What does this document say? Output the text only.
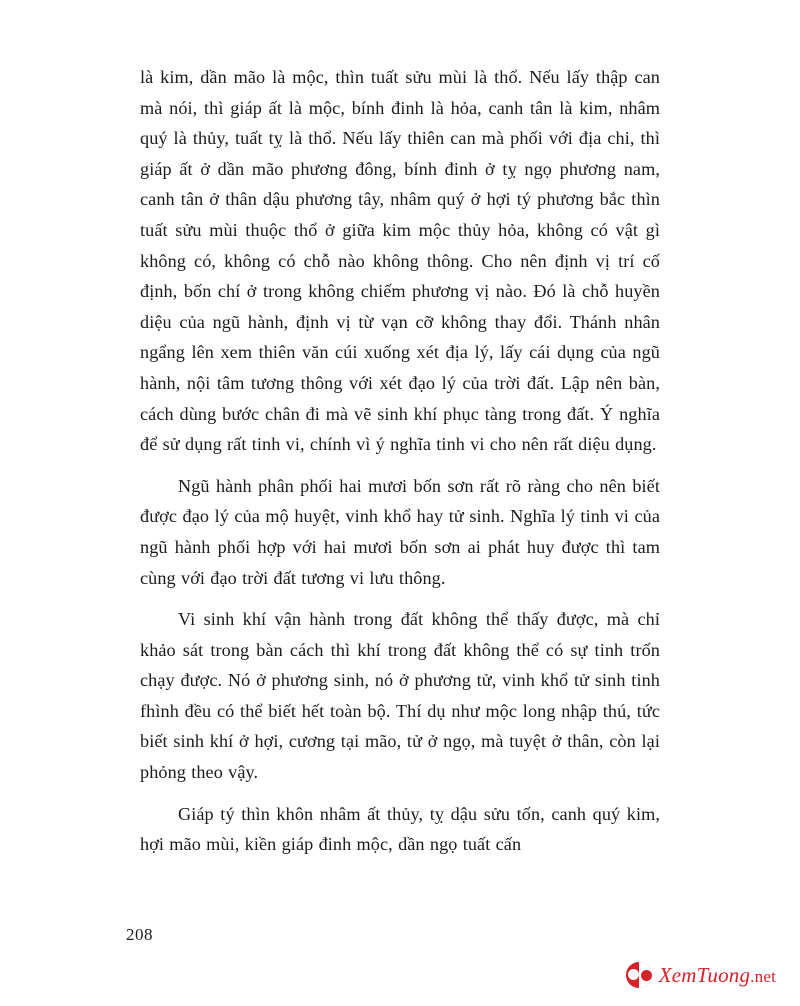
là kim, dần mão là mộc, thìn tuất sửu mùi là thổ. Nếu lấy thập can mà nói, thì giáp ất là mộc, bính đinh là hỏa, canh tân là kim, nhâm quý là thủy, tuất tỵ là thổ. Nếu lấy thiên can mà phối với địa chi, thì giáp ất ở dần mão phương đông, bính đinh ở tỵ ngọ phương nam, canh tân ở thân dậu phương tây, nhâm quý ở hợi tý phương bắc thìn tuất sửu mùi thuộc thổ ở giữa kim mộc thủy hỏa, không có vật gì không có, không có chỗ nào không thông. Cho nên định vị trí cố định, bốn chí ở trong không chiếm phương vị nào. Đó là chỗ huyền diệu của ngũ hành, định vị từ vạn cỡ không thay đổi. Thánh nhân ngẩng lên xem thiên văn cúi xuống xét địa lý, lấy cái dụng của ngũ hành, nội tâm tương thông với xét đạo lý của trời đất. Lập nên bàn, cách dùng bước chân đi mà vẽ sinh khí phục tàng trong đất. Ý nghĩa để sử dụng rất tinh vi, chính vì ý nghĩa tinh vi cho nên rất diệu dụng.

Ngũ hành phân phối hai mươi bốn sơn rất rõ ràng cho nên biết được đạo lý của mộ huyệt, vinh khổ hay tử sinh. Nghĩa lý tinh vi của ngũ hành phối hợp với hai mươi bốn sơn ai phát huy được thì tam cùng với đạo trời đất tương vi lưu thông.

Vi sinh khí vận hành trong đất không thể thấy được, mà chỉ khảo sát trong bàn cách thì khí trong đất không thể có sự tinh trốn chạy được. Nó ở phương sinh, nó ở phương tử, vinh khổ tử sinh tinh fhình đều có thể biết hết toàn bộ. Thí dụ như mộc long nhập thú, tức biết sinh khí ở hợi, cương tại mão, tử ở ngọ, mà tuyệt ở thân, còn lại phỏng theo vậy.

Giáp tý thìn khôn nhâm ất thủy, tỵ dậu sửu tốn, canh quý kim, hợi mão mùi, kiền giáp đinh mộc, dần ngọ tuất cấn

208
XemTuong.net
